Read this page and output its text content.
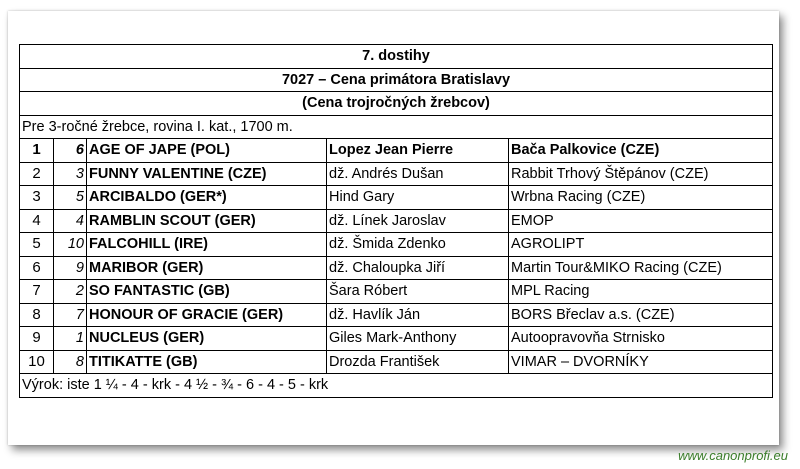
7. dostihy				
7027 – Cena primátora Bratislavy				
(Cena trojročných žrebcov)				
Pre 3-ročné žrebce, rovina I. kat., 1700 m.				
1	6	AGE OF JAPE (POL)	Lopez Jean Pierre	Bača Palkovice (CZE)
2	3	FUNNY VALENTINE (CZE)	dž. Andrés Dušan	Rabbit Trhový Štěpánov (CZE)
3	5	ARCIBALDO (GER*)	Hind Gary	Wrbna Racing (CZE)
4	4	RAMBLIN SCOUT (GER)	dž. Línek Jaroslav	EMOP
5	10	FALCOHILL (IRE)	dž. Šmida Zdenko	AGROLIPT
6	9	MARIBOR (GER)	dž. Chaloupka Jiří	Martin Tour&MIKO Racing (CZE)
7	2	SO FANTASTIC (GB)	Šara Róbert	MPL Racing
8	7	HONOUR OF GRACIE (GER)	dž. Havlík Ján	BORS Břeclav a.s. (CZE)
9	1	NUCLEUS (GER)	Giles Mark-Anthony	Autoopravovňa Strnisko
10	8	TITIKATTE (GB)	Drozda František	VIMAR – DVORNÍKY
Výrok: iste 1 ¼ - 4 - krk - 4 ½ - ¾ - 6 - 4 - 5 - krk				
www.canonprofi.eu
